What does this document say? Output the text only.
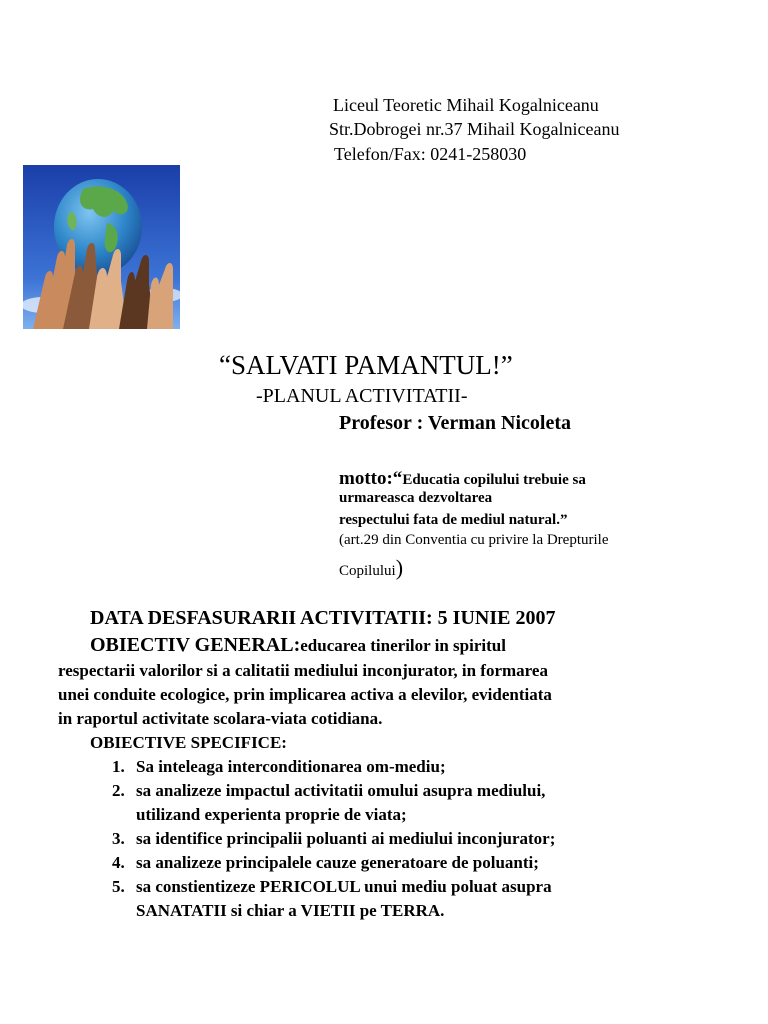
Liceul Teoretic Mihail Kogalniceanu
Str.Dobrogei nr.37 Mihail Kogalniceanu
Telefon/Fax: 0241-258030
“SALVATI PAMANTUL!”
-PLANUL ACTIVITATII-
Profesor : Verman Nicoleta
motto:“Educatia copilului trebuie sa
urmareasca dezvoltarea
respectului fata de mediul natural.”
(art.29 din Conventia cu privire la Drepturile
Copilului)
DATA DESFASURARII ACTIVITATII: 5 IUNIE 2007
OBIECTIV GENERAL:educarea tinerilor in spiritul
respectarii valorilor si a calitatii mediului inconjurator, in formarea
unei conduite ecologice, prin implicarea activa a elevilor, evidentiata
in raportul activitate scolara-viata cotidiana.
OBIECTIVE SPECIFICE:
1. Sa inteleaga interconditionarea om-mediu;
2. sa analizeze impactul activitatii omului asupra mediului,
utilizand experienta proprie de viata;
3. sa identifice principalii poluanti ai mediului inconjurator;
4. sa analizeze principalele cauze generatoare de poluanti;
5. sa constientizeze PERICOLUL unui mediu poluat asupra
SANATATII si chiar a VIETII pe TERRA.
